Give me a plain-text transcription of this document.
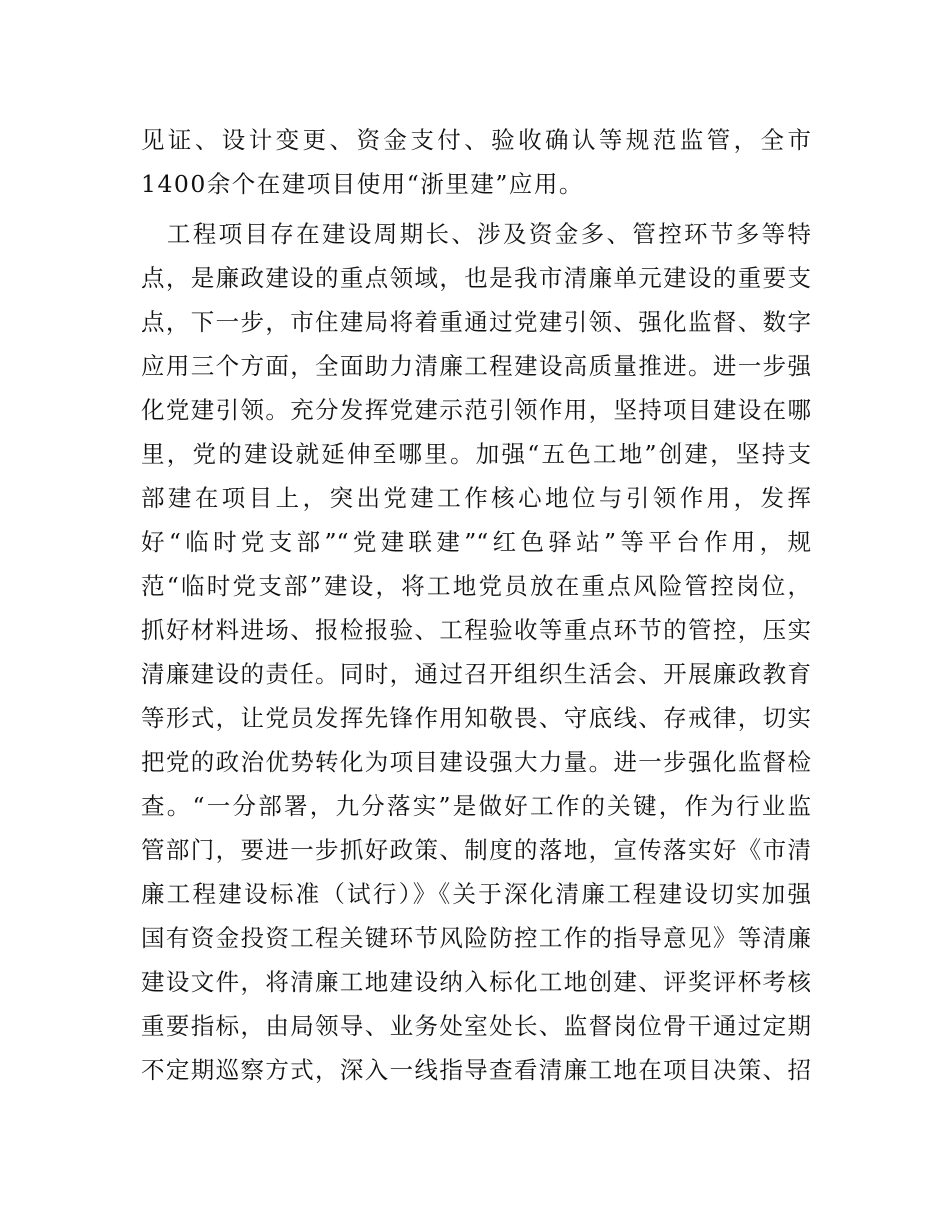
见证、设计变更、资金支付、验收确认等规范监管，全市
1400余个在建项目使用“浙里建”应用。
　工程项目存在建设周期长、涉及资金多、管控环节多等特
点，是廉政建设的重点领域，也是我市清廉单元建设的重要支
点，下一步，市住建局将着重通过党建引领、强化监督、数字
应用三个方面，全面助力清廉工程建设高质量推进。进一步强
化党建引领。充分发挥党建示范引领作用，坚持项目建设在哪
里，党的建设就延伸至哪里。加强“五色工地”创建，坚持支
部建在项目上，突出党建工作核心地位与引领作用，发挥
好“临时党支部”“党建联建”“红色驿站”等平台作用，规
范“临时党支部”建设，将工地党员放在重点风险管控岗位，
抓好材料进场、报检报验、工程验收等重点环节的管控，压实
清廉建设的责任。同时，通过召开组织生活会、开展廉政教育
等形式，让党员发挥先锋作用知敬畏、守底线、存戒律，切实
把党的政治优势转化为项目建设强大力量。进一步强化监督检
查。“一分部署，九分落实”是做好工作的关键，作为行业监
管部门，要进一步抓好政策、制度的落地，宣传落实好《市清
廉工程建设标准（试行）》《关于深化清廉工程建设切实加强
国有资金投资工程关键环节风险防控工作的指导意见》等清廉
建设文件，将清廉工地建设纳入标化工地创建、评奖评杯考核
重要指标，由局领导、业务处室处长、监督岗位骨干通过定期
不定期巡察方式，深入一线指导查看清廉工地在项目决策、招
